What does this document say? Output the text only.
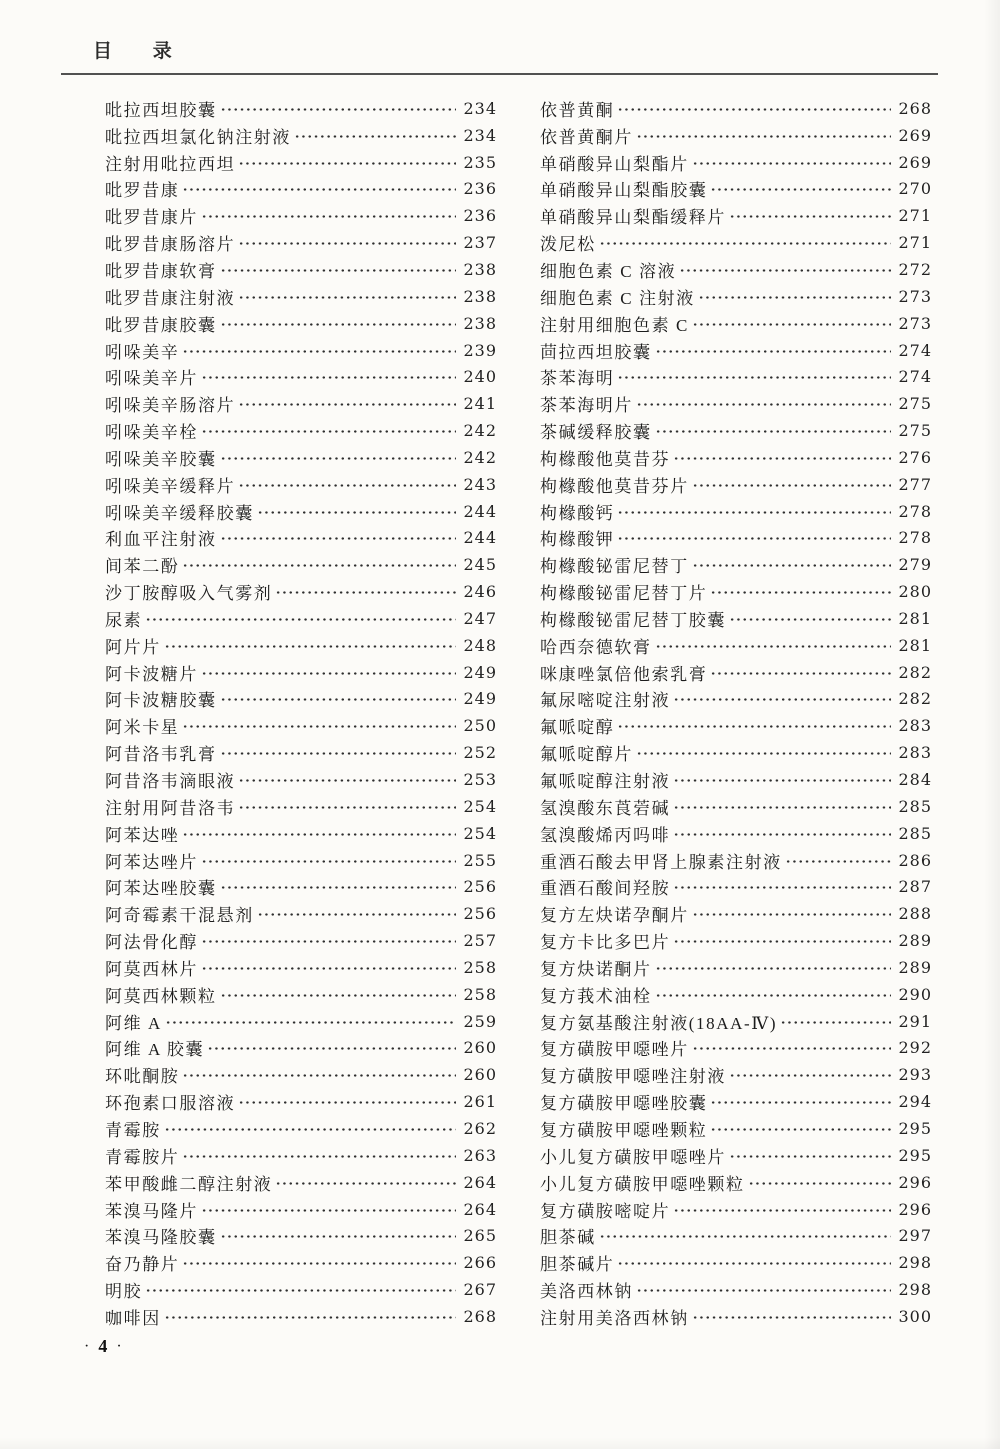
目 录
吡拉西坦胶囊	234
吡拉西坦氯化钠注射液	234
注射用吡拉西坦	235
吡罗昔康	236
吡罗昔康片	236
吡罗昔康肠溶片	237
吡罗昔康软膏	238
吡罗昔康注射液	238
吡罗昔康胶囊	238
吲哚美辛	239
吲哚美辛片	240
吲哚美辛肠溶片	241
吲哚美辛栓	242
吲哚美辛胶囊	242
吲哚美辛缓释片	243
吲哚美辛缓释胶囊	244
利血平注射液	244
间苯二酚	245
沙丁胺醇吸入气雾剂	246
尿素	247
阿片片	248
阿卡波糖片	249
阿卡波糖胶囊	249
阿米卡星	250
阿昔洛韦乳膏	252
阿昔洛韦滴眼液	253
注射用阿昔洛韦	254
阿苯达唑	254
阿苯达唑片	255
阿苯达唑胶囊	256
阿奇霉素干混悬剂	256
阿法骨化醇	257
阿莫西林片	258
阿莫西林颗粒	258
阿维 A	259
阿维 A 胶囊	260
环吡酮胺	260
环孢素口服溶液	261
青霉胺	262
青霉胺片	263
苯甲酸雌二醇注射液	264
苯溴马隆片	264
苯溴马隆胶囊	265
奋乃静片	266
明胶	267
咖啡因	268
依普黄酮	268
依普黄酮片	269
单硝酸异山梨酯片	269
单硝酸异山梨酯胶囊	270
单硝酸异山梨酯缓释片	271
泼尼松	271
细胞色素 C 溶液	272
细胞色素 C 注射液	273
注射用细胞色素 C	273
茴拉西坦胶囊	274
茶苯海明	274
茶苯海明片	275
茶碱缓释胶囊	275
枸橼酸他莫昔芬	276
枸橼酸他莫昔芬片	277
枸橼酸钙	278
枸橼酸钾	278
枸橼酸铋雷尼替丁	279
枸橼酸铋雷尼替丁片	280
枸橼酸铋雷尼替丁胶囊	281
哈西奈德软膏	281
咪康唑氯倍他索乳膏	282
氟尿嘧啶注射液	282
氟哌啶醇	283
氟哌啶醇片	283
氟哌啶醇注射液	284
氢溴酸东莨菪碱	285
氢溴酸烯丙吗啡	285
重酒石酸去甲肾上腺素注射液	286
重酒石酸间羟胺	287
复方左炔诺孕酮片	288
复方卡比多巴片	289
复方炔诺酮片	289
复方莪术油栓	290
复方氨基酸注射液(18AA-Ⅳ)	291
复方磺胺甲噁唑片	292
复方磺胺甲噁唑注射液	293
复方磺胺甲噁唑胶囊	294
复方磺胺甲噁唑颗粒	295
小儿复方磺胺甲噁唑片	295
小儿复方磺胺甲噁唑颗粒	296
复方磺胺嘧啶片	296
胆茶碱	297
胆茶碱片	298
美洛西林钠	298
注射用美洛西林钠	300
· 4 ·
